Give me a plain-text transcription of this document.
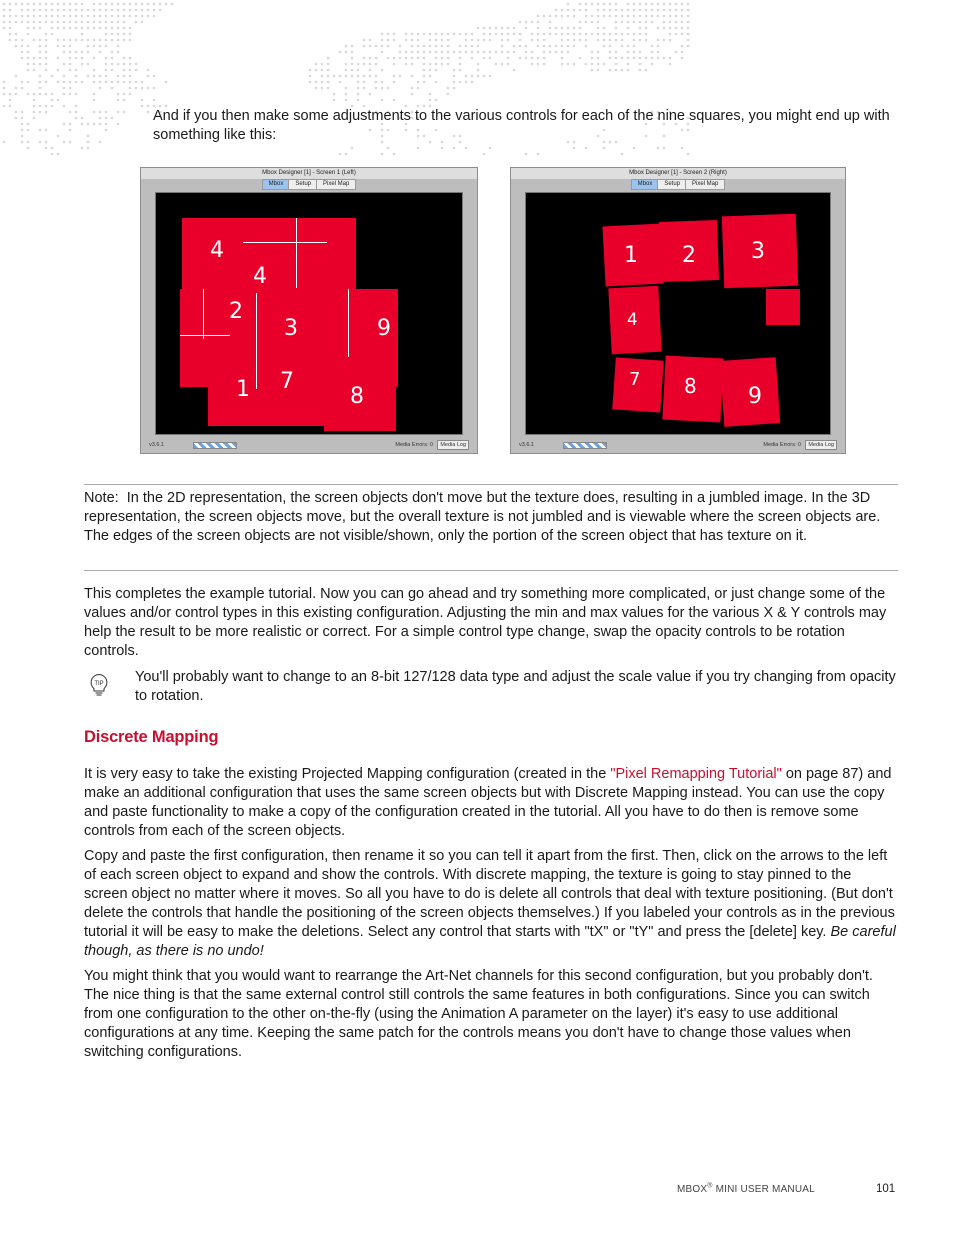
And if you then make some adjustments to the various controls for each of the nine squares, you might end up with something like this:

Mbox Designer [1] - Screen 1 (Left)
Mbox Setup Pixel Map
4
4
2
3	9
1 7
8
v3.6.1	Media Errors: 0	Media Log
Mbox Designer [1] - Screen 2 (Right)
Mbox Setup Pixel Map
1 2	3
4
7 8 9
v3.6.1	Media Errors: 0	Media Log

Note: In the 2D representation, the screen objects don't move but the texture does, resulting in a jumbled image. In the 3D representation, the screen objects move, but the overall texture is not jumbled and is viewable where the screen objects are. The edges of the screen objects are not visible/shown, only the portion of the screen object that has texture on it.

This completes the example tutorial. Now you can go ahead and try something more complicated, or just change some of the values and/or control types in this existing configuration. Adjusting the min and max values for the various X & Y controls may help the result to be more realistic or correct. For a simple control type change, swap the opacity controls to be rotation controls.

TIP You'll probably want to change to an 8-bit 127/128 data type and adjust the scale value if you try changing from opacity to rotation.

Discrete Mapping

It is very easy to take the existing Projected Mapping configuration (created in the "Pixel Remapping Tutorial" on page 87) and make an additional configuration that uses the same screen objects but with Discrete Mapping instead. You can use the copy and paste functionality to make a copy of the configuration created in the tutorial. All you have to do then is remove some controls from each of the screen objects.

Copy and paste the first configuration, then rename it so you can tell it apart from the first. Then, click on the arrows to the left of each screen object to expand and show the controls. With discrete mapping, the texture is going to stay pinned to the screen object no matter where it moves. So all you have to do is delete all controls that deal with texture positioning. (But don't delete the controls that handle the positioning of the screen objects themselves.) If you labeled your controls as in the previous tutorial it will be easy to make the deletions. Select any control that starts with "tX" or "tY" and press the [delete] key. Be careful though, as there is no undo!

You might think that you would want to rearrange the Art-Net channels for this second configuration, but you probably don't. The nice thing is that the same external control still controls the same features in both configurations. Since you can switch from one configuration to the other on-the-fly (using the Animation A parameter on the layer) it's easy to use additional configurations at any time. Keeping the same patch for the controls means you don't have to change those values when switching configurations.

MBOX® MINI USER MANUAL	101
